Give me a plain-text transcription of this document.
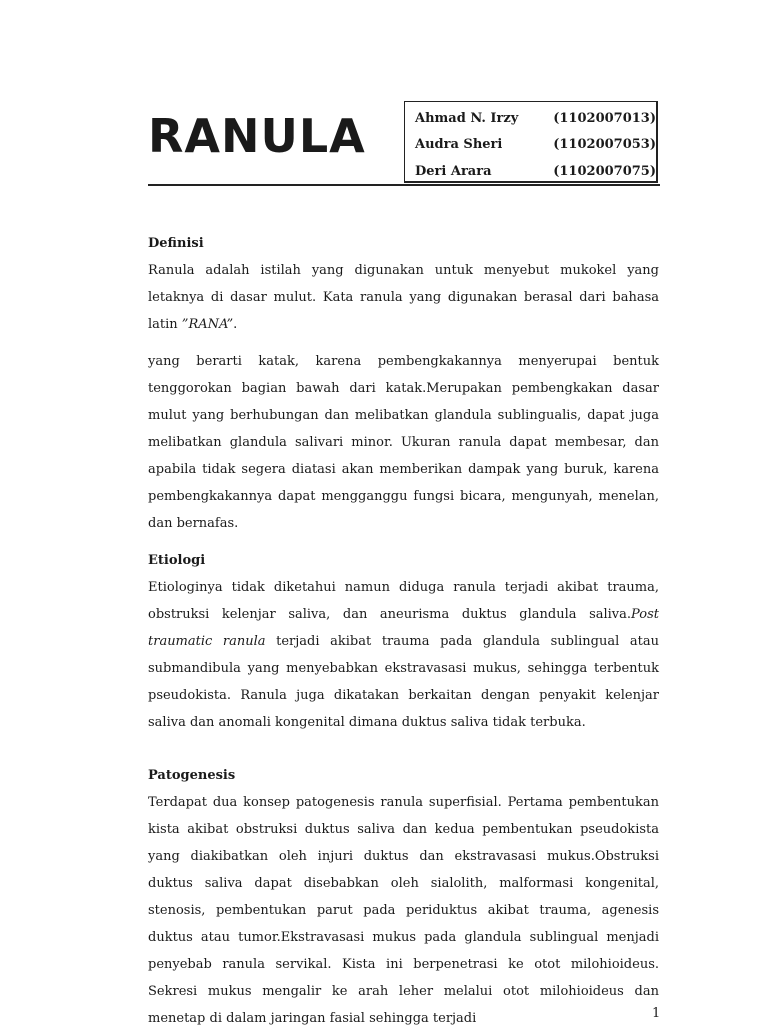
RANULA	Ahmad N. Irzy	(1102007013)
Audra Sheri	(1102007053)
Deri Arara	(1102007075)
Definisi

Ranula adalah istilah yang digunakan untuk menyebut mukokel yang letaknya di dasar mulut. Kata ranula yang digunakan berasal dari bahasa latin ”RANA”.

yang berarti katak, karena pembengkakannya menyerupai bentuk tenggorokan bagian bawah dari katak.Merupakan pembengkakan dasar mulut yang berhubungan dan melibatkan glandula sublingualis, dapat juga melibatkan glandula salivari minor. Ukuran ranula dapat membesar, dan apabila tidak segera diatasi akan memberikan dampak yang buruk, karena pembengkakannya dapat mengganggu fungsi bicara, mengunyah, menelan, dan bernafas.

Etiologi

Etiologinya tidak diketahui namun diduga ranula terjadi akibat trauma, obstruksi kelenjar saliva, dan aneurisma duktus glandula saliva.Post traumatic ranula terjadi akibat trauma pada glandula sublingual atau submandibula yang menyebabkan ekstravasasi mukus, sehingga terbentuk pseudokista. Ranula juga dikatakan berkaitan dengan penyakit kelenjar saliva dan anomali kongenital dimana duktus saliva tidak terbuka.

Patogenesis

Terdapat dua konsep patogenesis ranula superfisial. Pertama pembentukan kista akibat obstruksi duktus saliva dan kedua pembentukan pseudokista yang diakibatkan oleh injuri duktus dan ekstravasasi mukus.Obstruksi duktus saliva dapat disebabkan oleh sialolith, malformasi kongenital, stenosis, pembentukan parut pada periduktus akibat trauma, agenesis duktus atau tumor.Ekstravasasi mukus pada glandula sublingual menjadi penyebab ranula servikal. Kista ini berpenetrasi ke otot milohioideus. Sekresi mukus mengalir ke arah leher melalui otot milohioideus dan menetap di dalam jaringan fasial sehingga terjadi	1
